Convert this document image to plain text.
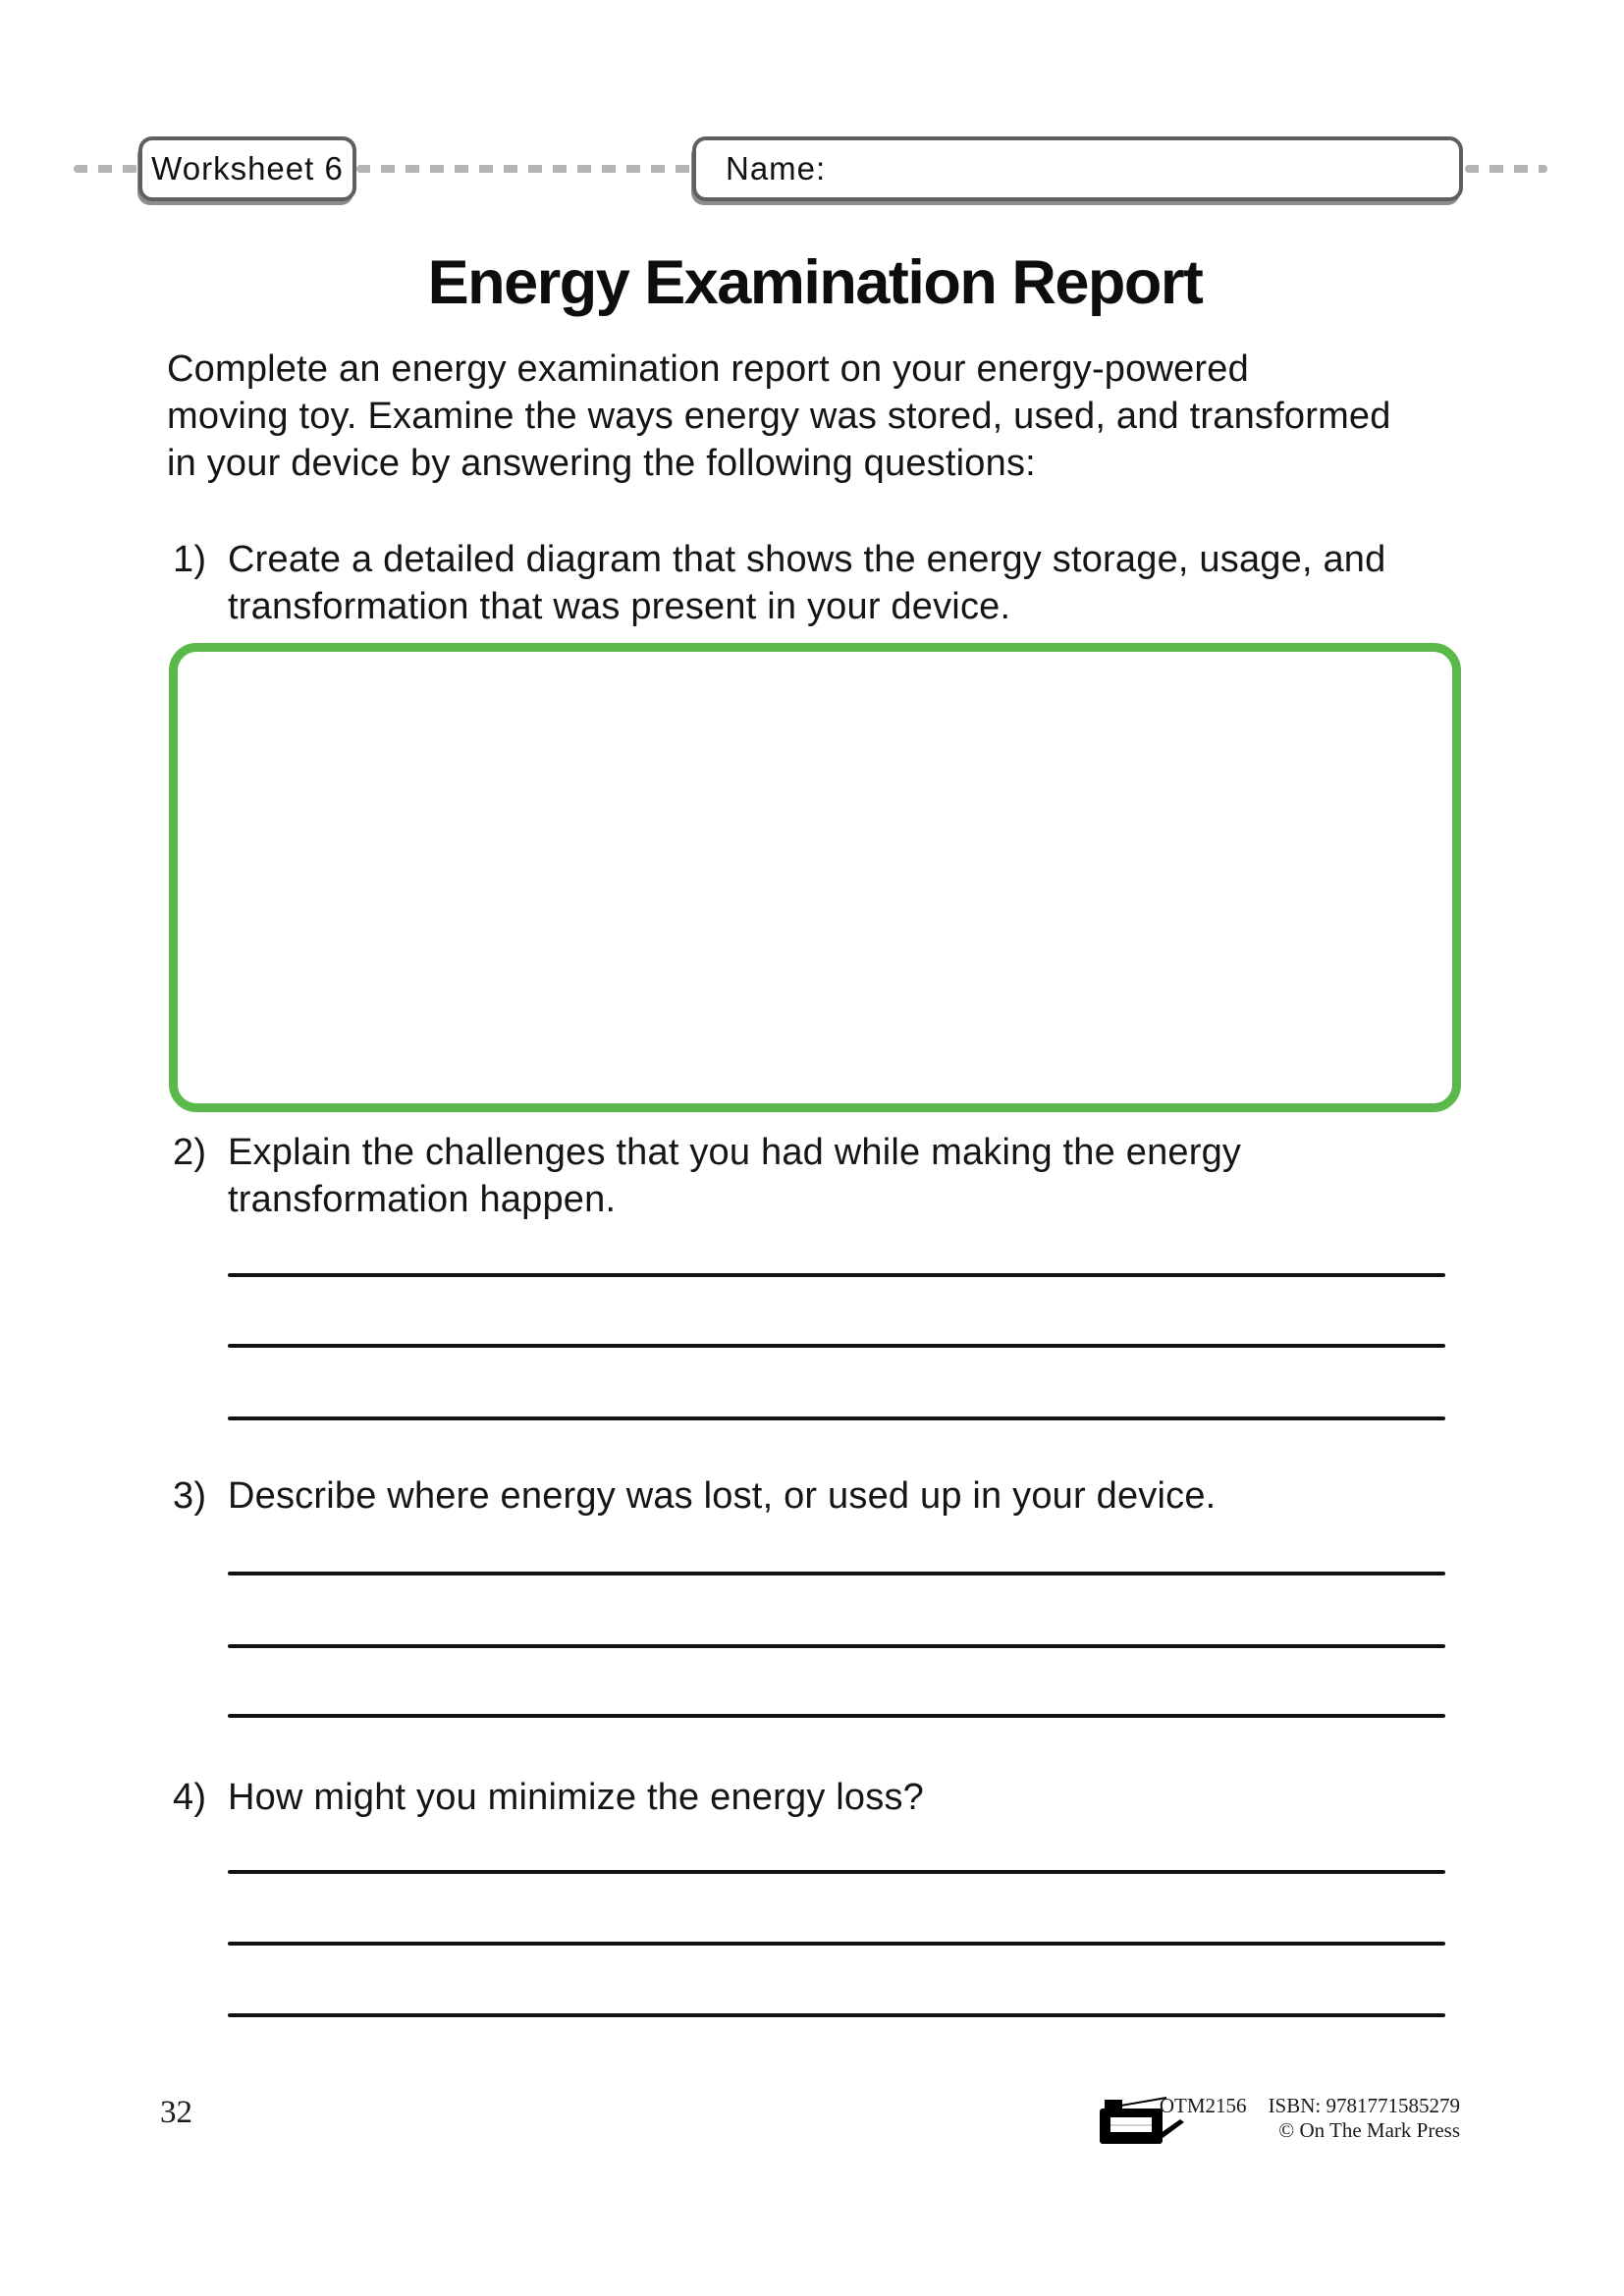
Worksheet 6	Name:
Energy Examination Report
Complete an energy examination report on your energy-powered
moving toy. Examine the ways energy was stored, used, and transformed
in your device by answering the following questions:
1) Create a detailed diagram that shows the energy storage, usage, and
transformation that was present in your device.
2) Explain the challenges that you had while making the energy
transformation happen.
3) Describe where energy was lost, or used up in your device.
4) How might you minimize the energy loss?
32	OTM2156 ISBN: 9781771585279
© On The Mark Press
